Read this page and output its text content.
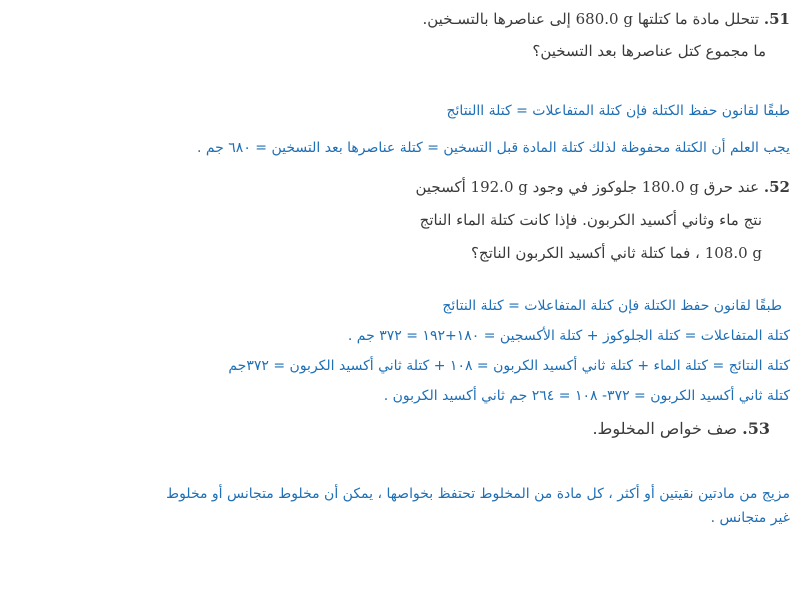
51. تتحلل مادة ما كتلتها 680.0 g إلى عناصرها بالتسـخين.
ما مجموع كتل عناصرها بعد التسخين؟
طبقًا لقانون حفظ الكتلة فإن كتلة المتفاعلات = كتلة االنتائج
يجب العلم أن الكتلة محفوظة لذلك كتلة المادة قبل التسخين = كتلة عناصرها بعد التسخين = ٦٨٠ جم .
52. عند حرق 180.0 g جلوكوز في وجود 192.0 g أكسجين
نتج ماء وثاني أكسيد الكربون. فإذا كانت كتلة الماء الناتج
108.0 g ، فما كتلة ثاني أكسيد الكربون الناتج؟
طبقًا لقانون حفظ الكتلة فإن كتلة المتفاعلات = كتلة النتائج
كتلة المتفاعلات = كتلة الجلوكوز + كتلة الأكسجين = ١٨٠+١٩٢ = ٣٧٢ جم .
كتلة النتائج = كتلة الماء + كتلة ثاني أكسيد الكربون = ١٠٨ + كتلة ثاني أكسيد الكربون = ٣٧٢جم
كتلة ثاني أكسيد الكربون = ٣٧٢- ١٠٨ = ٢٦٤ جم ثاني أكسيد الكربون .
53. صف خواص المخلوط.
مزيج من مادتين نقيتين أو أكثر ، كل مادة من المخلوط تحتفظ بخواصها ، يمكن أن مخلوط متجانس أو مخلوط
غير متجانس .
